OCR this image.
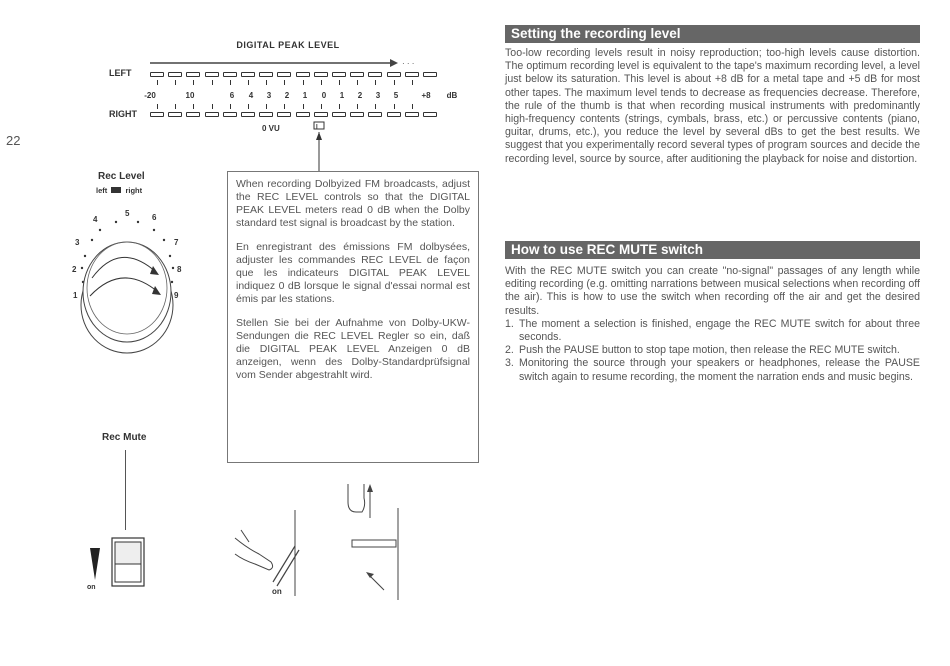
22
DIGITAL PEAK LEVEL
· · ·
LEFT
RIGHT
-20	10	6	4	3	2	1	0	1	2	3	5	+8	dB
0 VU	I
Rec Level
left right
1
2
3
4
5	6
7
8
9
Rec Mute
on	on

When recording Dolbyized FM broadcasts, adjust the REC LEVEL controls so that the DIGITAL PEAK LEVEL meters read 0 dB when the Dolby standard test signal is broadcast by the station.

En enregistrant des émissions FM dolbysées, adjuster les commandes REC LEVEL de façon que les indicateurs DIGITAL PEAK LEVEL indiquez 0 dB lorsque le signal d'essai normal est émis par les stations.

Stellen Sie bei der Aufnahme von Dolby-UKW-Sendungen die REC LEVEL Regler so ein, daß die DIGITAL PEAK LEVEL Anzeigen 0 dB anzeigen, wenn des Dolby-Standardprüfsignal vom Sender abgestrahlt wird.

Setting the recording level
Too-low recording levels result in noisy reproduction; too-high levels cause distortion. The optimum recording level is equivalent to the tape's maximum recording level, a level just below its saturation. This level is about +8 dB for a metal tape and +5 dB for most other tapes. The maximum level tends to decrease as frequencies decrease. Therefore, the rule of the thumb is that when recording musical instruments with predominantly high-frequency contents (strings, cymbals, brass, etc.) or percussive contents (piano, guitar, drums, etc.), you reduce the level by several dBs to get the best results. We suggest that you experimentally record several types of program sources and decide the recording level, source by source, after auditioning the playback for noise and distortion.
How to use REC MUTE switch
With the REC MUTE switch you can create "no-signal" passages of any length while editing recording (e.g. omitting narrations between musical selections when recording off the air). This is how to use the switch when recording off the air and get the desired results.
1. The moment a selection is finished, engage the REC MUTE switch for about three seconds.
2. Push the PAUSE button to stop tape motion, then release the REC MUTE switch.
3. Monitoring the source through your speakers or headphones, release the PAUSE switch again to resume recording, the moment the narration ends and music begins.
